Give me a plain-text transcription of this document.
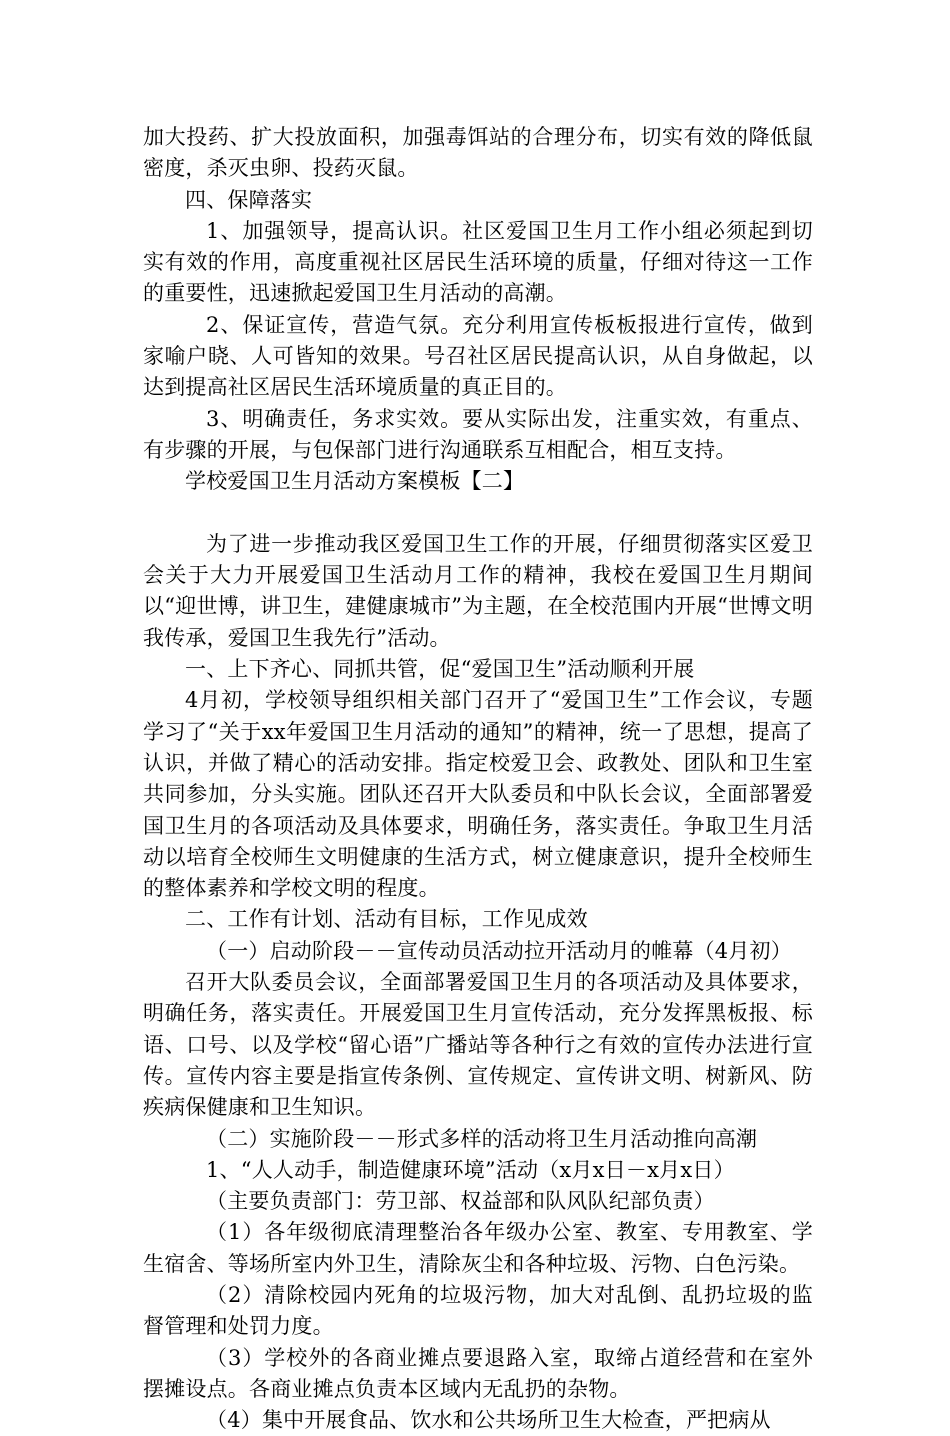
加大投药、扩大投放面积，加强毒饵站的合理分布，切实有效的降低鼠密度，杀灭虫卵、投药灭鼠。

四、保障落实

1、加强领导，提高认识。社区爱国卫生月工作小组必须起到切实有效的作用，高度重视社区居民生活环境的质量，仔细对待这一工作的重要性，迅速掀起爱国卫生月活动的高潮。

2、保证宣传，营造气氛。充分利用宣传板板报进行宣传，做到家喻户晓、人可皆知的效果。号召社区居民提高认识，从自身做起，以达到提高社区居民生活环境质量的真正目的。

3、明确责任，务求实效。要从实际出发，注重实效，有重点、有步骤的开展，与包保部门进行沟通联系互相配合，相互支持。

学校爱国卫生月活动方案模板【二】

为了进一步推动我区爱国卫生工作的开展，仔细贯彻落实区爱卫会关于大力开展爱国卫生活动月工作的精神，我校在爱国卫生月期间以“迎世博，讲卫生，建健康城市”为主题，在全校范围内开展“世博文明我传承，爱国卫生我先行”活动。

一、上下齐心、同抓共管，促“爱国卫生”活动顺利开展

4月初，学校领导组织相关部门召开了“爱国卫生”工作会议，专题学习了“关于xx年爱国卫生月活动的通知”的精神，统一了思想，提高了认识，并做了精心的活动安排。指定校爱卫会、政教处、团队和卫生室共同参加，分头实施。团队还召开大队委员和中队长会议，全面部署爱国卫生月的各项活动及具体要求，明确任务，落实责任。争取卫生月活动以培育全校师生文明健康的生活方式，树立健康意识，提升全校师生的整体素养和学校文明的程度。

二、工作有计划、活动有目标，工作见成效

（一）启动阶段－－宣传动员活动拉开活动月的帷幕（4月初）

召开大队委员会议，全面部署爱国卫生月的各项活动及具体要求，明确任务，落实责任。开展爱国卫生月宣传活动，充分发挥黑板报、标语、口号、以及学校“留心语”广播站等各种行之有效的宣传办法进行宣传。宣传内容主要是指宣传条例、宣传规定、宣传讲文明、树新风、防疾病保健康和卫生知识。

（二）实施阶段－－形式多样的活动将卫生月活动推向高潮

1、“人人动手，制造健康环境”活动（x月x日－x月x日）

（主要负责部门：劳卫部、权益部和队风队纪部负责）

（1）各年级彻底清理整治各年级办公室、教室、专用教室、学生宿舍、等场所室内外卫生，清除灰尘和各种垃圾、污物、白色污染。

（2）清除校园内死角的垃圾污物，加大对乱倒、乱扔垃圾的监督管理和处罚力度。

（3）学校外的各商业摊点要退路入室，取缔占道经营和在室外摆摊设点。各商业摊点负责本区域内无乱扔的杂物。

（4）集中开展食品、饮水和公共场所卫生大检查，严把病从
